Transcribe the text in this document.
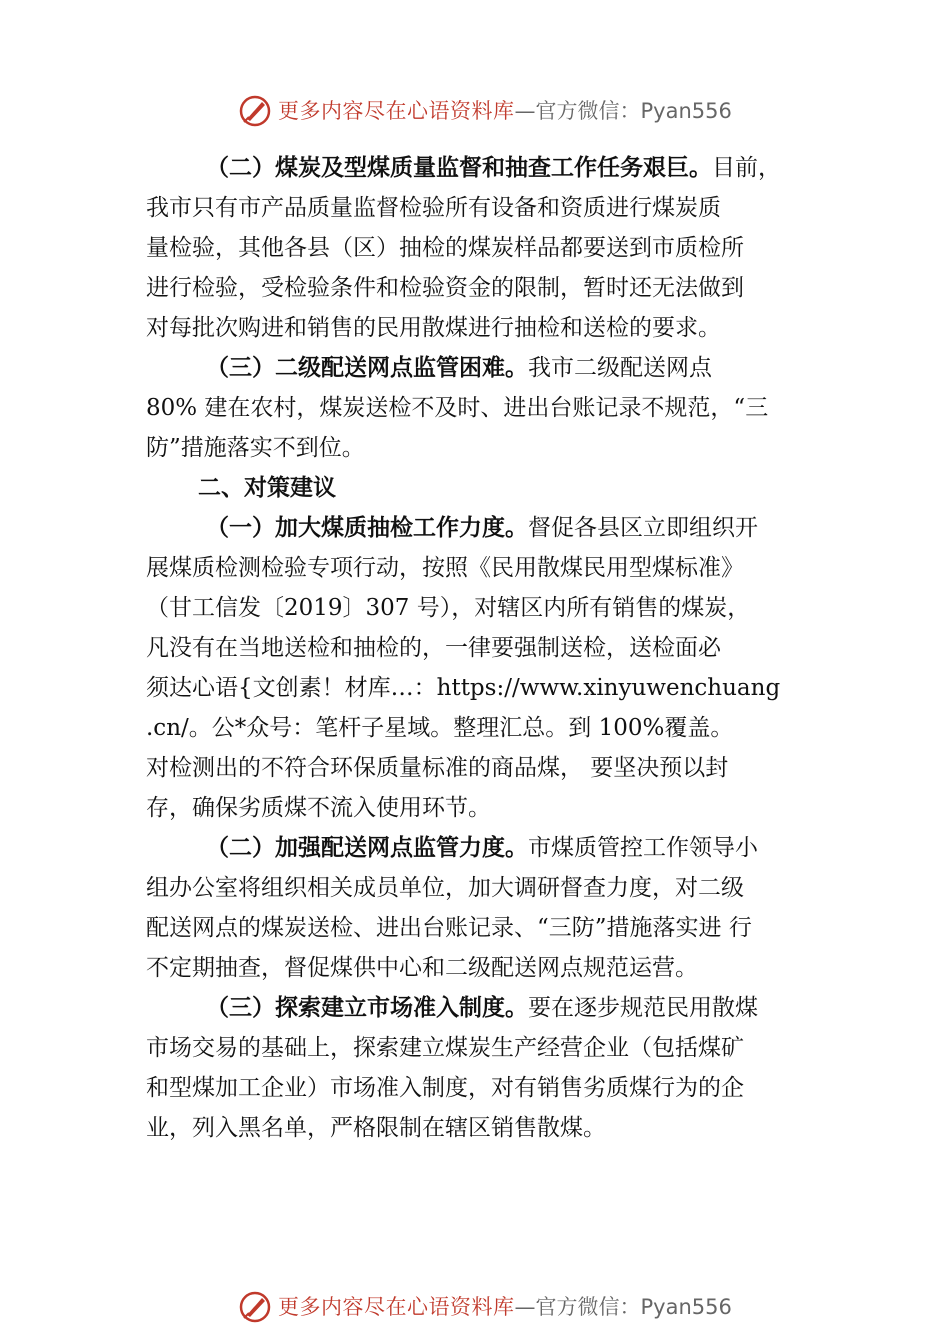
更多内容尽在心语资料库—官方微信：Pyan556
（二）煤炭及型煤质量监督和抽查工作任务艰巨。目前，
我市只有市产品质量监督检验所有设备和资质进行煤炭质
量检验，其他各县（区）抽检的煤炭样品都要送到市质检所
进行检验，受检验条件和检验资金的限制，暂时还无法做到
对每批次购进和销售的民用散煤进行抽检和送检的要求。
（三）二级配送网点监管困难。我市二级配送网点
80% 建在农村，煤炭送检不及时、进出台账记录不规范，“三
防”措施落实不到位。
二、对策建议
（一）加大煤质抽检工作力度。督促各县区立即组织开
展煤质检测检验专项行动，按照《民用散煤民用型煤标准》
（甘工信发〔2019〕307 号），对辖区内所有销售的煤炭，
凡没有在当地送检和抽检的，一律要强制送检，送检面必
须达心语{文创素！材库…：https://www.xinyuwenchuang
.cn/。公*众号：笔杆子星域。整理汇总。到 100%覆盖。
对检测出的不符合环保质量标准的商品煤， 要坚决预以封
存，确保劣质煤不流入使用环节。
（二）加强配送网点监管力度。市煤质管控工作领导小
组办公室将组织相关成员单位，加大调研督查力度，对二级
配送网点的煤炭送检、进出台账记录、“三防”措施落实进 行
不定期抽查，督促煤供中心和二级配送网点规范运营。
（三）探索建立市场准入制度。要在逐步规范民用散煤
市场交易的基础上，探索建立煤炭生产经营企业（包括煤矿
和型煤加工企业）市场准入制度，对有销售劣质煤行为的企
业，列入黑名单，严格限制在辖区销售散煤。
更多内容尽在心语资料库—官方微信：Pyan556
